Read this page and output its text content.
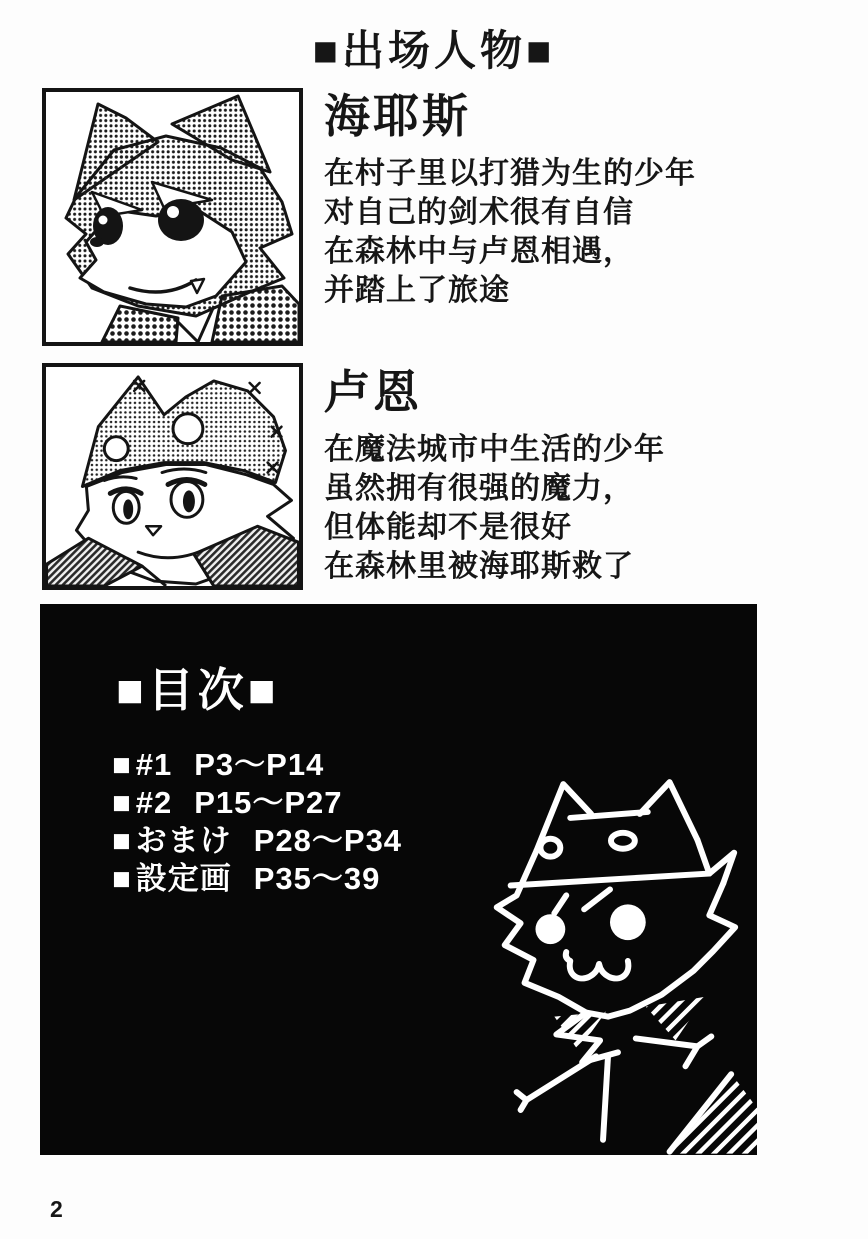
■出场人物■
海耶斯
在村子里以打猎为生的少年
对自己的剑术很有自信
在森林中与卢恩相遇，
并踏上了旅途
卢恩
在魔法城市中生活的少年
虽然拥有很强的魔力，
但体能却不是很好
在森林里被海耶斯救了
■目次■
■ #1 P3～P14
■ #2 P15～P27
■ おまけ P28～P34
■ 設定画 P35～39
2
